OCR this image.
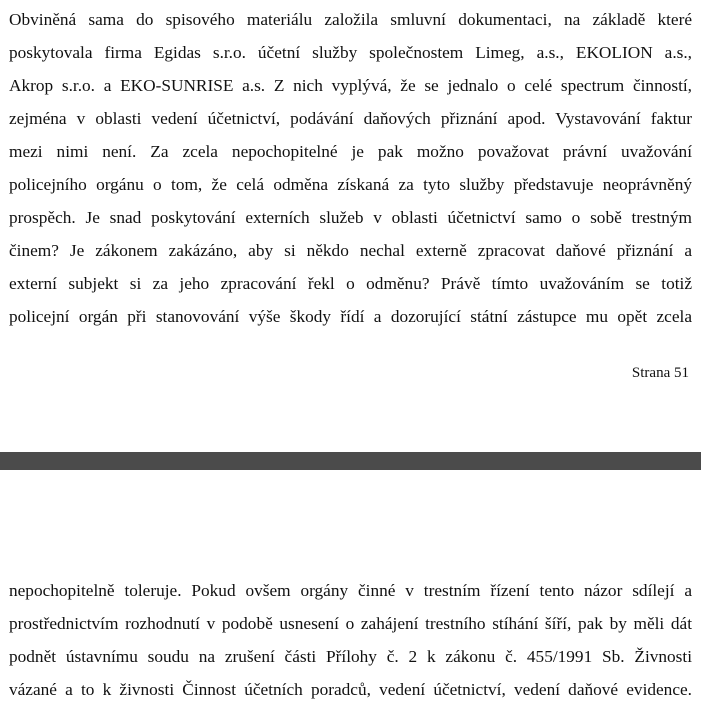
Obviněná sama do spisového materiálu založila smluvní dokumentaci, na základě které
poskytovala firma Egidas s.r.o. účetní služby společnostem Limeg, a.s., EKOLION a.s.,
Akrop s.r.o. a EKO-SUNRISE a.s. Z nich vyplývá, že se jednalo o celé spectrum činností,
zejména v oblasti vedení účetnictví, podávání daňových přiznání apod. Vystavování faktur
mezi nimi není. Za zcela nepochopitelné je pak možno považovat právní uvažování
policejního orgánu o tom, že celá odměna získaná za tyto služby představuje neoprávněný
prospěch. Je snad poskytování externích služeb v oblasti účetnictví samo o sobě trestným
činem? Je zákonem zakázáno, aby si někdo nechal externě zpracovat daňové přiznání a
externí subjekt si za jeho zpracování řekl o odměnu? Právě tímto uvažováním se totiž
policejní orgán při stanovování výše škody řídí a dozorující státní zástupce mu opět zcela
Strana 51
nepochopitelně toleruje. Pokud ovšem orgány činné v trestním řízení tento názor sdílejí a
prostřednictvím rozhodnutí v podobě usnesení o zahájení trestního stíhání šíří, pak by měli dát
podnět ústavnímu soudu na zrušení části Přílohy č. 2 k zákonu č. 455/1991 Sb. Živnosti
vázané a to k živnosti Činnost účetních poradců, vedení účetnictví, vedení daňové evidence.
